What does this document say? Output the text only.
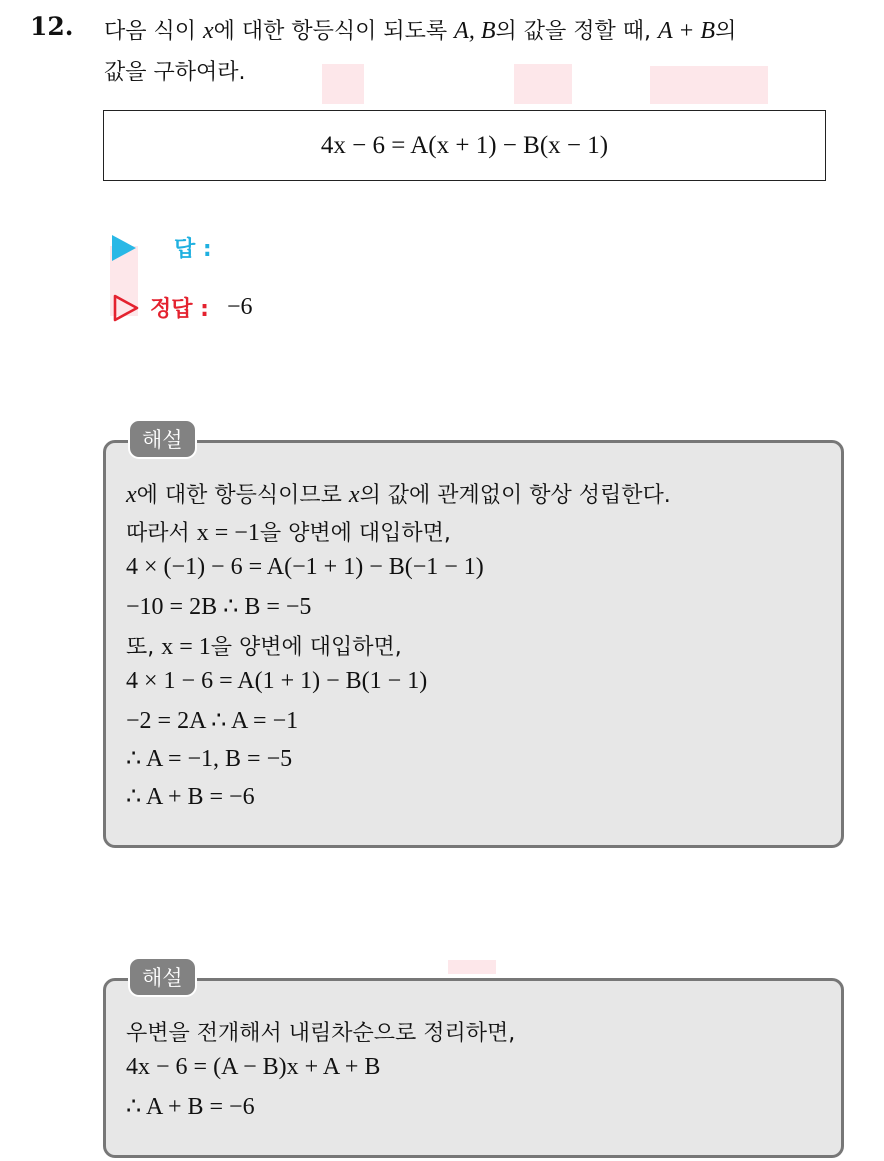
12. 다음 식이 x에 대한 항등식이 되도록 A, B의 값을 정할 때, A + B의
값을 구하여라.
4x − 6 = A(x + 1) − B(x − 1)
답 :
정답 : −6
해설
x에 대한 항등식이므로 x의 값에 관계없이 항상 성립한다.
따라서 x = −1을 양변에 대입하면,
4 × (−1) − 6 = A(−1 + 1) − B(−1 − 1)
−10 = 2B ∴ B = −5
또, x = 1을 양변에 대입하면,
4 × 1 − 6 = A(1 + 1) − B(1 − 1)
−2 = 2A ∴ A = −1
∴ A = −1, B = −5
∴ A + B = −6
해설
우변을 전개해서 내림차순으로 정리하면,
4x − 6 = (A − B)x + A + B
∴ A + B = −6
